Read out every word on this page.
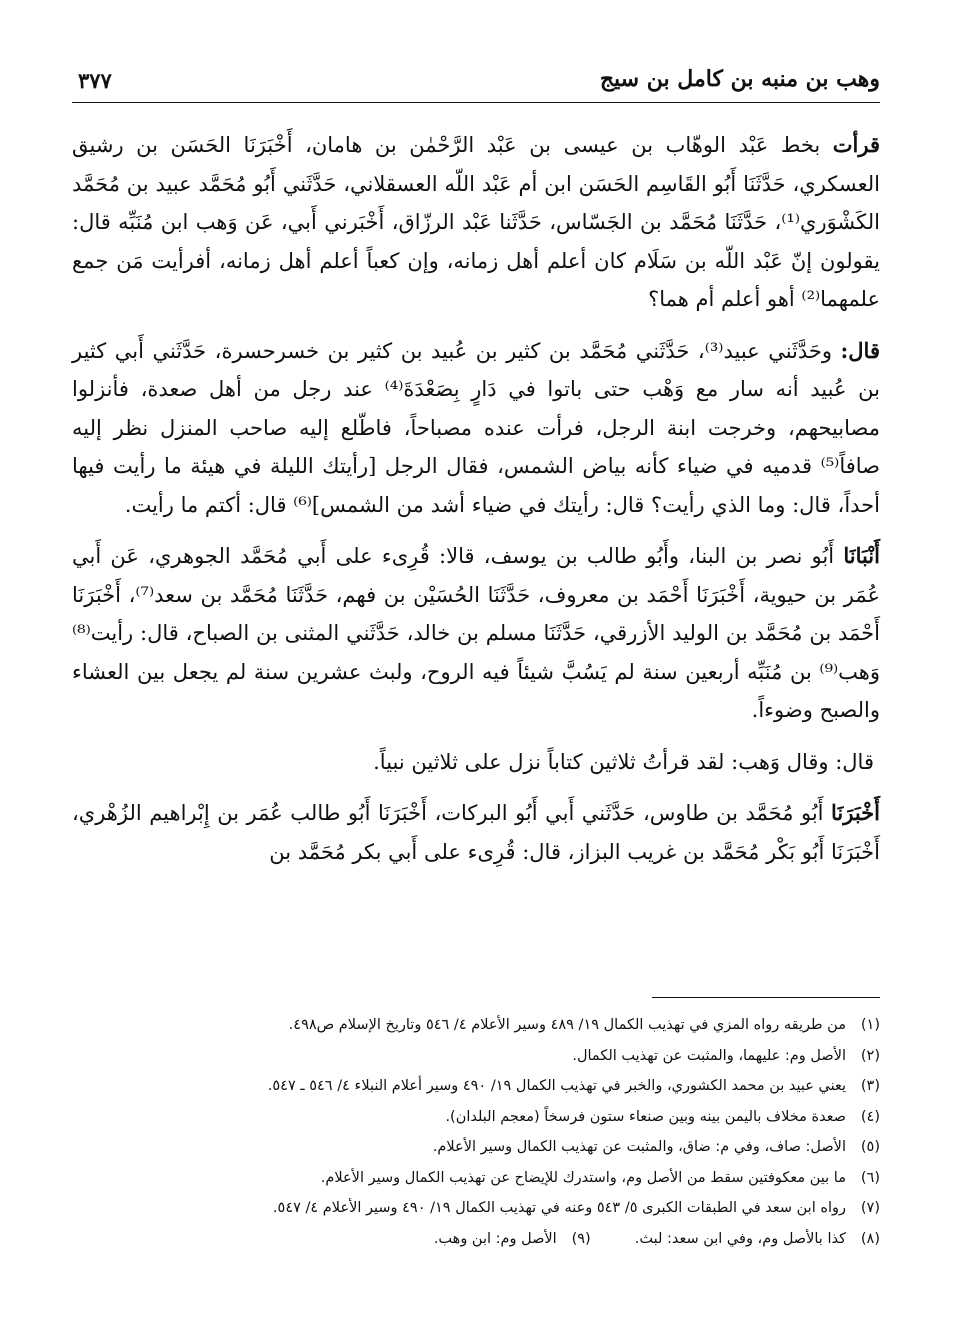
وهب بن منبه بن كامل بن سيج
٣٧٧

قرأت بخط عَبْد الوهّاب بن عيسى بن عَبْد الرَّحْمٰن بن هامان، أَخْبَرَنَا الحَسَن بن رشيق العسكري، حَدَّثَنَا أَبُو القَاسِم الحَسَن ابن أم عَبْد اللّه العسقلاني، حَدَّثَني أَبُو مُحَمَّد عبيد بن مُحَمَّد الكَشْوَري⁽¹⁾، حَدَّثَنَا مُحَمَّد بن الجَسّاس، حَدَّثَنا عَبْد الرزّاق، أَخْبَرني أَبي، عَن وَهب ابن مُنَبِّه قال: يقولون إنّ عَبْد اللّه بن سَلَام كان أعلم أهل زمانه، وإن كعباً أعلم أهل زمانه، أفرأيت مَن جمع علمهما⁽²⁾ أهو أعلم أم هما؟

قال: وحَدَّثَني عبيد⁽³⁾، حَدَّثَني مُحَمَّد بن كثير بن عُبيد بن كثير بن خسرحسرة، حَدَّثَني أَبي كثير بن عُبيد أنه سار مع وَهْب حتى باتوا في دَارٍ بِصَعْدَةَ⁽⁴⁾ عند رجل من أهل صعدة، فأنزلوا مصابيحهم، وخرجت ابنة الرجل، فرأت عنده مصباحاً، فاطّلع إليه صاحب المنزل نظر إليه صافاً⁽⁵⁾ قدميه في ضياء كأنه بياض الشمس، فقال الرجل [رأيتك الليلة في هيئة ما رأيت فيها أحداً، قال: وما الذي رأيت؟ قال: رأيتك في ضياء أشد من الشمس]⁽⁶⁾ قال: أكتم ما رأيت.

أَنْبَانَا أَبُو نصر بن البنا، وأَبُو طالب بن يوسف، قالا: قُرِىء على أَبي مُحَمَّد الجوهري، عَن أَبي عُمَر بن حيوية، أَخْبَرَنَا أَحْمَد بن معروف، حَدَّثَنَا الحُسَيْن بن فهم، حَدَّثَنَا مُحَمَّد بن سعد⁽⁷⁾، أَخْبَرَنَا أَحْمَد بن مُحَمَّد بن الوليد الأزرقي، حَدَّثَنَا مسلم بن خالد، حَدَّثَني المثنى بن الصباح، قال: رأيت⁽⁸⁾ وَهب⁽⁹⁾ بن مُنَبِّه أربعين سنة لم يَسُبَّ شيئاً فيه الروح، ولبث عشرين سنة لم يجعل بين العشاء والصبح وضوءاً.

قال: وقال وَهب: لقد قرأتُ ثلاثين كتاباً نزل على ثلاثين نبياً.

أَخْبَرَنَا أَبُو مُحَمَّد بن طاوس، حَدَّثَني أَبي أَبُو البركات، أَخْبَرَنَا أَبُو طالب عُمَر بن إِبْراهيم الزُهْري، أَخْبَرَنَا أَبُو بَكْر مُحَمَّد بن غريب البزاز، قال: قُرِىء على أَبي بكر مُحَمَّد بن

(١)
من طريقه رواه المزي في تهذيب الكمال ١٩/ ٤٨٩ وسير الأعلام ٤/ ٥٤٦ وتاريخ الإسلام ص٤٩٨.
(٢)
الأصل وم: عليهما، والمثبت عن تهذيب الكمال.
(٣)
يعني عبيد بن محمد الكشوري، والخبر في تهذيب الكمال ١٩/ ٤٩٠ وسير أعلام النبلاء ٤/ ٥٤٦ ـ ٥٤٧.
(٤)
صعدة مخلاف باليمن بينه وبين صنعاء ستون فرسخاً (معجم البلدان).
(٥)
الأصل: صاف، وفي م: ضاق، والمثبت عن تهذيب الكمال وسير الأعلام.
(٦)
ما بين معكوفتين سقط من الأصل وم، واستدرك للإيضاح عن تهذيب الكمال وسير الأعلام.
(٧)
رواه ابن سعد في الطبقات الكبرى ٥/ ٥٤٣ وعنه في تهذيب الكمال ١٩/ ٤٩٠ وسير الأعلام ٤/ ٥٤٧.
(٨)
كذا بالأصل وم، وفي ابن سعد: لبث.
(٩)
الأصل وم: ابن وهب.
